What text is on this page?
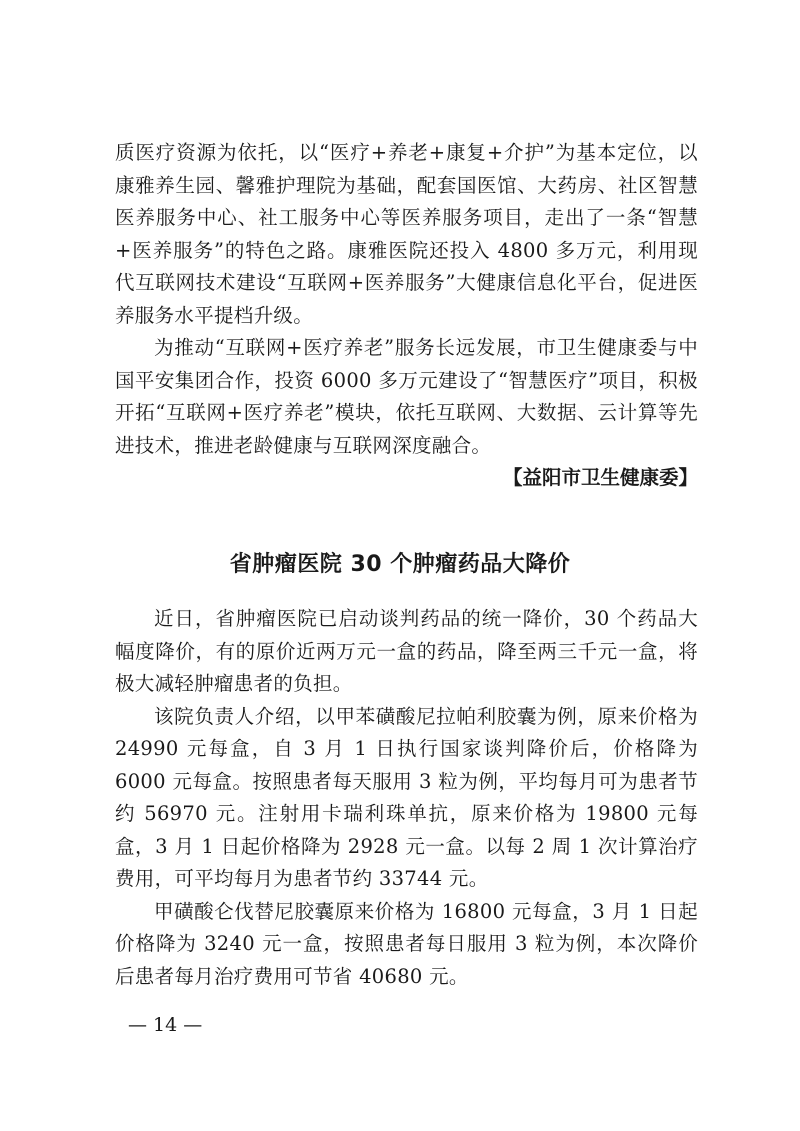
质医疗资源为依托，以“医疗+养老+康复+介护”为基本定位，以康雅养生园、馨雅护理院为基础，配套国医馆、大药房、社区智慧医养服务中心、社工服务中心等医养服务项目，走出了一条“智慧+医养服务”的特色之路。康雅医院还投入 4800 多万元，利用现代互联网技术建设“互联网+医养服务”大健康信息化平台，促进医养服务水平提档升级。

为推动“互联网+医疗养老”服务长远发展，市卫生健康委与中国平安集团合作，投资 6000 多万元建设了“智慧医疗”项目，积极开拓“互联网+医疗养老”模块，依托互联网、大数据、云计算等先进技术，推进老龄健康与互联网深度融合。

【益阳市卫生健康委】

省肿瘤医院 30 个肿瘤药品大降价

近日，省肿瘤医院已启动谈判药品的统一降价，30 个药品大幅度降价，有的原价近两万元一盒的药品，降至两三千元一盒，将极大减轻肿瘤患者的负担。

该院负责人介绍，以甲苯磺酸尼拉帕利胶囊为例，原来价格为 24990 元每盒，自 3 月 1 日执行国家谈判降价后，价格降为 6000 元每盒。按照患者每天服用 3 粒为例，平均每月可为患者节约 56970 元。注射用卡瑞利珠单抗，原来价格为 19800 元每盒，3 月 1 日起价格降为 2928 元一盒。以每 2 周 1 次计算治疗费用，可平均每月为患者节约 33744 元。

甲磺酸仑伐替尼胶囊原来价格为 16800 元每盒，3 月 1 日起价格降为 3240 元一盒，按照患者每日服用 3 粒为例，本次降价后患者每月治疗费用可节省 40680 元。

— 14 —
